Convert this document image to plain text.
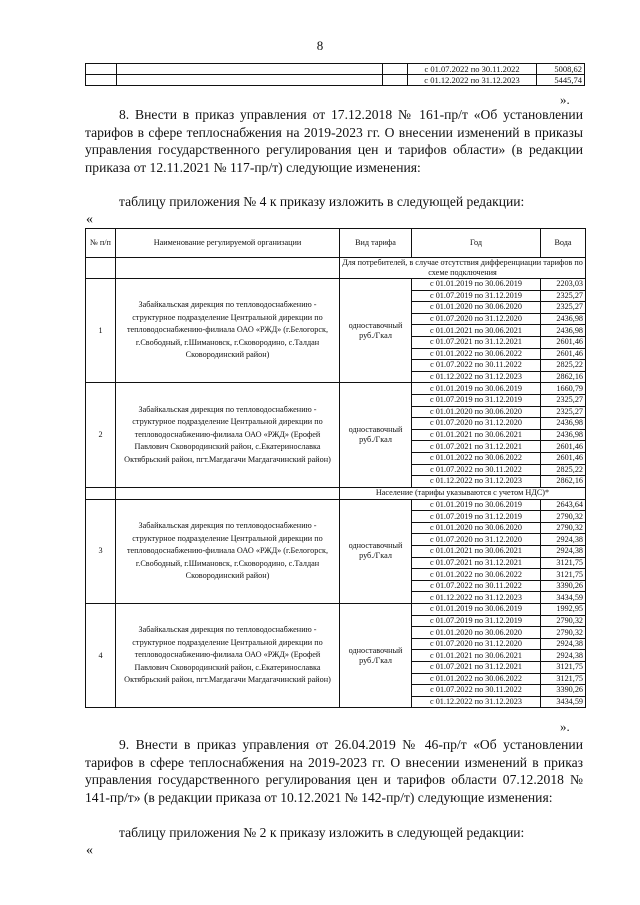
8
			с 01.07.2022 по 30.11.2022	5008,62
			с 01.12.2022 по 31.12.2023	5445,74
».
8. Внести в приказ управления от 17.12.2018 № 161-пр/т «Об установлении тарифов в сфере теплоснабжения на 2019-2023 гг. О внесении изменений в приказы управления государственного регулирования цен и тарифов области» (в редакции приказа от 12.11.2021 № 117-пр/т) следующие изменения:
таблицу приложения № 4 к приказу изложить в следующей редакции:
«
№ п/п	Наименование регулируемой организации	Вид тарифа	Год	Вода
		Для потребителей, в случае отсутствия дифференциации тарифов по схеме подключения		
1	Забайкальская дирекция по тепловодоснабжению - структурное подразделение Центральной дирекции по тепловодоснабжению-филиала ОАО «РЖД» (г.Белогорск, г.Свободный, г.Шимановск, г.Сковородино, с.Талдан Сковородинский район)	одноставочный руб./Гкал	с 01.01.2019 по 30.06.2019	2203,03
			с 01.07.2019 по 31.12.2019	2325,27
			с 01.01.2020 по 30.06.2020	2325,27
			с 01.07.2020 по 31.12.2020	2436,98
			с 01.01.2021 по 30.06.2021	2436,98
			с 01.07.2021 по 31.12.2021	2601,46
			с 01.01.2022 по 30.06.2022	2601,46
			с 01.07.2022 по 30.11.2022	2825,22
			с 01.12.2022 по 31.12.2023	2862,16
2	Забайкальская дирекция по тепловодоснабжению - структурное подразделение Центральной дирекции по тепловодоснабжению-филиала ОАО «РЖД» (Ерофей Павлович Сковородинский район, с.Екатеринославка Октябрьский район, пгт.Магдагачи Магдагачинский район)	одноставочный руб./Гкал	с 01.01.2019 по 30.06.2019	1660,79
			с 01.07.2019 по 31.12.2019	2325,27
			с 01.01.2020 по 30.06.2020	2325,27
			с 01.07.2020 по 31.12.2020	2436,98
			с 01.01.2021 по 30.06.2021	2436,98
			с 01.07.2021 по 31.12.2021	2601,46
			с 01.01.2022 по 30.06.2022	2601,46
			с 01.07.2022 по 30.11.2022	2825,22
			с 01.12.2022 по 31.12.2023	2862,16
		Население (тарифы указываются с учетом НДС)*		
3	Забайкальская дирекция по тепловодоснабжению - структурное подразделение Центральной дирекции по тепловодоснабжению-филиала ОАО «РЖД» (г.Белогорск, г.Свободный, г.Шимановск, г.Сковородино, с.Талдан Сковородинский район)	одноставочный руб./Гкал	с 01.01.2019 по 30.06.2019	2643,64
			с 01.07.2019 по 31.12.2019	2790,32
			с 01.01.2020 по 30.06.2020	2790,32
			с 01.07.2020 по 31.12.2020	2924,38
			с 01.01.2021 по 30.06.2021	2924,38
			с 01.07.2021 по 31.12.2021	3121,75
			с 01.01.2022 по 30.06.2022	3121,75
			с 01.07.2022 по 30.11.2022	3390,26
			с 01.12.2022 по 31.12.2023	3434,59
4	Забайкальская дирекция по тепловодоснабжению - структурное подразделение Центральной дирекции по тепловодоснабжению-филиала ОАО «РЖД» (Ерофей Павлович Сковородинский район, с.Екатеринославка Октябрьский район, пгт.Магдагачи Магдагачинский район)	одноставочный руб./Гкал	с 01.01.2019 по 30.06.2019	1992,95
			с 01.07.2019 по 31.12.2019	2790,32
			с 01.01.2020 по 30.06.2020	2790,32
			с 01.07.2020 по 31.12.2020	2924,38
			с 01.01.2021 по 30.06.2021	2924,38
			с 01.07.2021 по 31.12.2021	3121,75
			с 01.01.2022 по 30.06.2022	3121,75
			с 01.07.2022 по 30.11.2022	3390,26
			с 01.12.2022 по 31.12.2023	3434,59
».
9. Внести в приказ управления от 26.04.2019 № 46-пр/т «Об установлении тарифов в сфере теплоснабжения на 2019-2023 гг. О внесении изменений в приказ управления государственного регулирования цен и тарифов области 07.12.2018 № 141-пр/т» (в редакции приказа от 10.12.2021 № 142-пр/т) следующие изменения:
таблицу приложения № 2 к приказу изложить в следующей редакции:
«
